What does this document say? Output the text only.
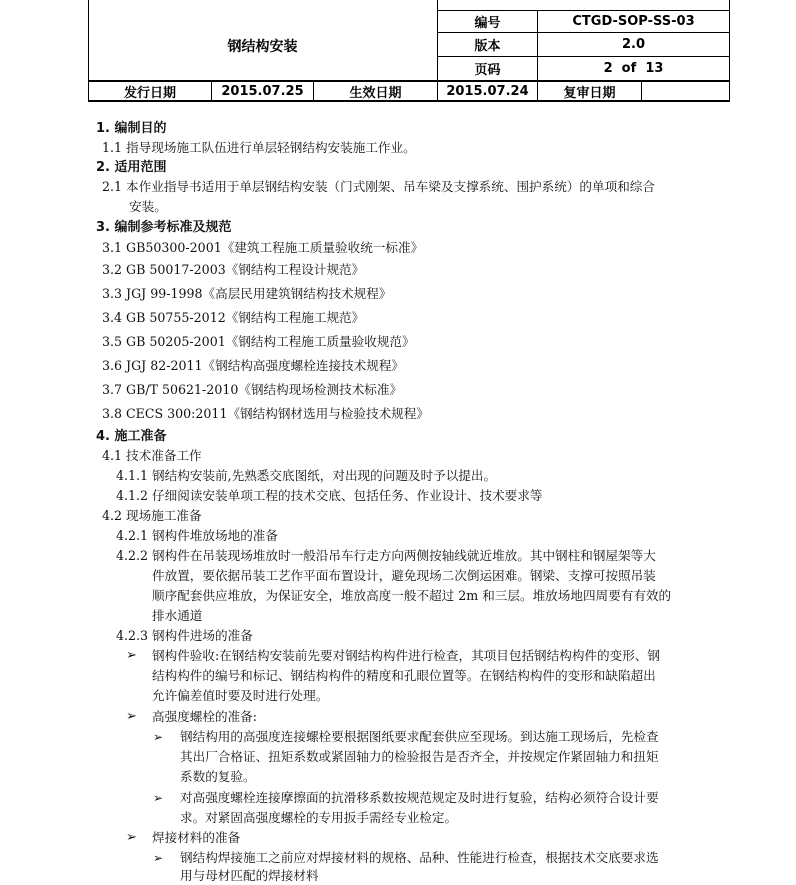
钢结构安装
编号	CTGD-SOP-SS-03
版本	2.0
页码	2  of  13
发行日期	2015.07.25	生效日期	2015.07.24	复审日期
1. 编制目的
1.1 指导现场施工队伍进行单层轻钢结构安装施工作业。
2. 适用范围
2.1 本作业指导书适用于单层钢结构安装（门式刚架、吊车梁及支撑系统、围护系统）的单项和综合
安装。
3. 编制参考标准及规范
3.1 GB50300-2001《建筑工程施工质量验收统一标准》
3.2 GB 50017-2003《钢结构工程设计规范》
3.3 JGJ 99-1998《高层民用建筑钢结构技术规程》
3.4 GB 50755-2012《钢结构工程施工规范》
3.5 GB 50205-2001《钢结构工程施工质量验收规范》
3.6 JGJ 82-2011《钢结构高强度螺栓连接技术规程》
3.7 GB/T 50621-2010《钢结构现场检测技术标准》
3.8 CECS 300:2011《钢结构钢材选用与检验技术规程》
4. 施工准备
4.1 技术准备工作
4.1.1 钢结构安装前,先熟悉交底图纸，对出现的问题及时予以提出。
4.1.2 仔细阅读安装单项工程的技术交底、包括任务、作业设计、技术要求等
4.2 现场施工准备
4.2.1 钢构件堆放场地的准备
4.2.2 钢构件在吊装现场堆放时一般沿吊车行走方向两侧按轴线就近堆放。其中钢柱和钢屋架等大
件放置，要依据吊装工艺作平面布置设计，避免现场二次倒运困难。钢梁、支撑可按照吊装
顺序配套供应堆放，为保证安全，堆放高度一般不超过 2m 和三层。堆放场地四周要有有效的
排水通道
4.2.3 钢构件进场的准备
➢ 钢构件验收:在钢结构安装前先要对钢结构构件进行检查，其项目包括钢结构构件的变形、钢
结构构件的编号和标记、钢结构构件的精度和孔眼位置等。在钢结构构件的变形和缺陷超出
允许偏差值时要及时进行处理。
➢ 高强度螺栓的准备:
➢ 钢结构用的高强度连接螺栓要根据图纸要求配套供应至现场。到达施工现场后，先检查
其出厂合格证、扭矩系数或紧固轴力的检验报告是否齐全，并按规定作紧固轴力和扭矩
系数的复验。
➢ 对高强度螺栓连接摩擦面的抗滑移系数按规范规定及时进行复验，结构必须符合设计要
求。对紧固高强度螺栓的专用扳手需经专业检定。
➢ 焊接材料的准备
➢ 钢结构焊接施工之前应对焊接材料的规格、品种、性能进行检查，根据技术交底要求选
用与母材匹配的焊接材料
